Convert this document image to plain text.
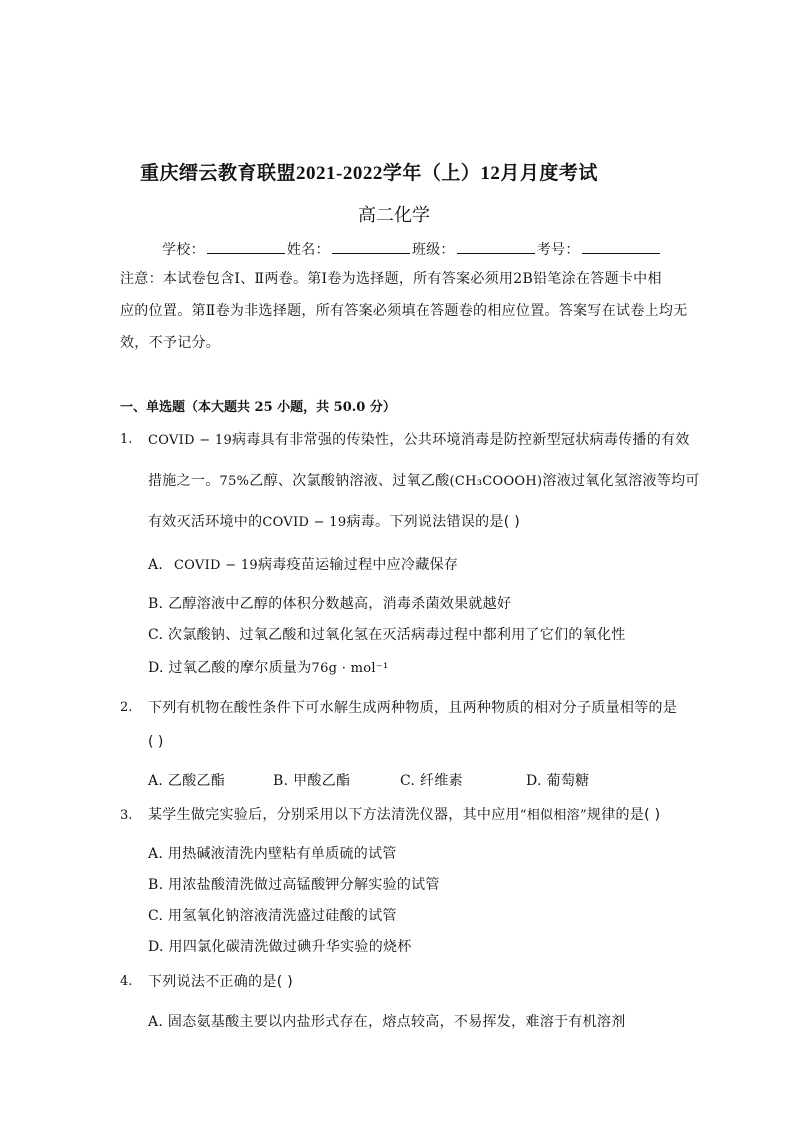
重庆缙云教育联盟2021-2022学年（上）12月月度考试
高二化学
学校：	姓名：	班级：	考号：
注意：本试卷包含Ⅰ、Ⅱ两卷。第Ⅰ卷为选择题，所有答案必须用2B铅笔涂在答题卡中相
应的位置。第Ⅱ卷为非选择题，所有答案必须填在答题卷的相应位置。答案写在试卷上均无
效，不予记分。
一、单选题（本大题共 25 小题，共 50.0 分）
1. COVID − 19病毒具有非常强的传染性，公共环境消毒是防控新型冠状病毒传播的有效
措施之一。75%乙醇、次氯酸钠溶液、过氧乙酸(CH₃COOOH)溶液过氧化氢溶液等均可
有效灭活环境中的COVID − 19病毒。下列说法错误的是( )
A. COVID − 19病毒疫苗运输过程中应冷藏保存
B. 乙醇溶液中乙醇的体积分数越高，消毒杀菌效果就越好
C. 次氯酸钠、过氧乙酸和过氧化氢在灭活病毒过程中都利用了它们的氧化性
D. 过氧乙酸的摩尔质量为76g · mol⁻¹
2. 下列有机物在酸性条件下可水解生成两种物质，且两种物质的相对分子质量相等的是
( )
A. 乙酸乙酯	B. 甲酸乙酯	C. 纤维素	D. 葡萄糖
3. 某学生做完实验后，分别采用以下方法清洗仪器，其中应用“相似相溶”规律的是( )
A. 用热碱液清洗内壁粘有单质硫的试管
B. 用浓盐酸清洗做过高锰酸钾分解实验的试管
C. 用氢氧化钠溶液清洗盛过硅酸的试管
D. 用四氯化碳清洗做过碘升华实验的烧杯
4. 下列说法不正确的是( )
A. 固态氨基酸主要以内盐形式存在，熔点较高，不易挥发，难溶于有机溶剂
